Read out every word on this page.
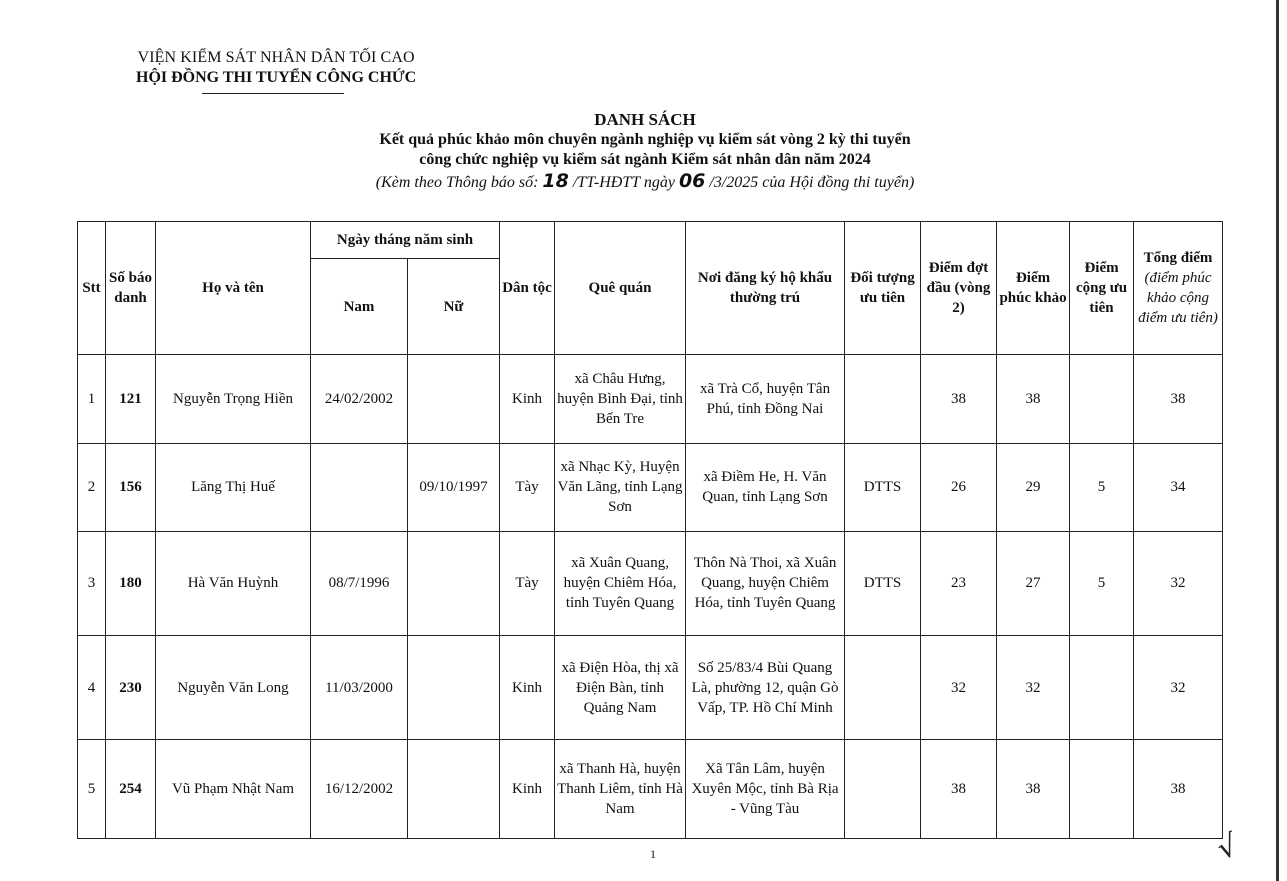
VIỆN KIỂM SÁT NHÂN DÂN TỐI CAO
HỘI ĐỒNG THI TUYỂN CÔNG CHỨC
DANH SÁCH
Kết quả phúc khảo môn chuyên ngành nghiệp vụ kiểm sát vòng 2 kỳ thi tuyển
công chức nghiệp vụ kiểm sát ngành Kiểm sát nhân dân năm 2024
(Kèm theo Thông báo số: 18 /TT-HĐTT ngày 06 /3/2025 của Hội đồng thi tuyển)
Stt	Số báo danh	Họ và tên	Ngày tháng năm sinh		Dân tộc	Quê quán	Nơi đăng ký hộ khẩu thường trú	Đối tượng ưu tiên	Điểm đợt đầu (vòng 2)	Điểm phúc khảo	Điểm cộng ưu tiên	Tổng điểm
(điểm phúc khảo cộng điểm ưu tiên)

			Nam	Nữ								
1	121	Nguyễn Trọng Hiền	24/02/2002		Kinh	xã Châu Hưng, huyện Bình Đại, tỉnh Bến Tre	xã Trà Cổ, huyện Tân Phú, tỉnh Đồng Nai		38	38		38
2	156	Lăng Thị Huế		09/10/1997	Tày	xã Nhạc Kỳ, Huyện Văn Lãng, tỉnh Lạng Sơn	xã Điềm He, H. Văn Quan, tỉnh Lạng Sơn	DTTS	26	29	5	34
3	180	Hà Văn Huỳnh	08/7/1996		Tày	xã Xuân Quang, huyện Chiêm Hóa, tỉnh Tuyên Quang	Thôn Nà Thoi, xã Xuân Quang, huyện Chiêm Hóa, tỉnh Tuyên Quang	DTTS	23	27	5	32
4	230	Nguyễn Văn Long	11/03/2000		Kinh	xã Điện Hòa, thị xã Điện Bàn, tỉnh Quảng Nam	Số 25/83/4 Bùi Quang Là, phường 12, quận Gò Vấp, TP. Hồ Chí Minh		32	32		32
5	254	Vũ Phạm Nhật Nam	16/12/2002		Kinh	xã Thanh Hà, huyện Thanh Liêm, tỉnh Hà Nam	Xã Tân Lâm, huyện Xuyên Mộc, tỉnh Bà Rịa - Vũng Tàu		38	38		38
1	√
